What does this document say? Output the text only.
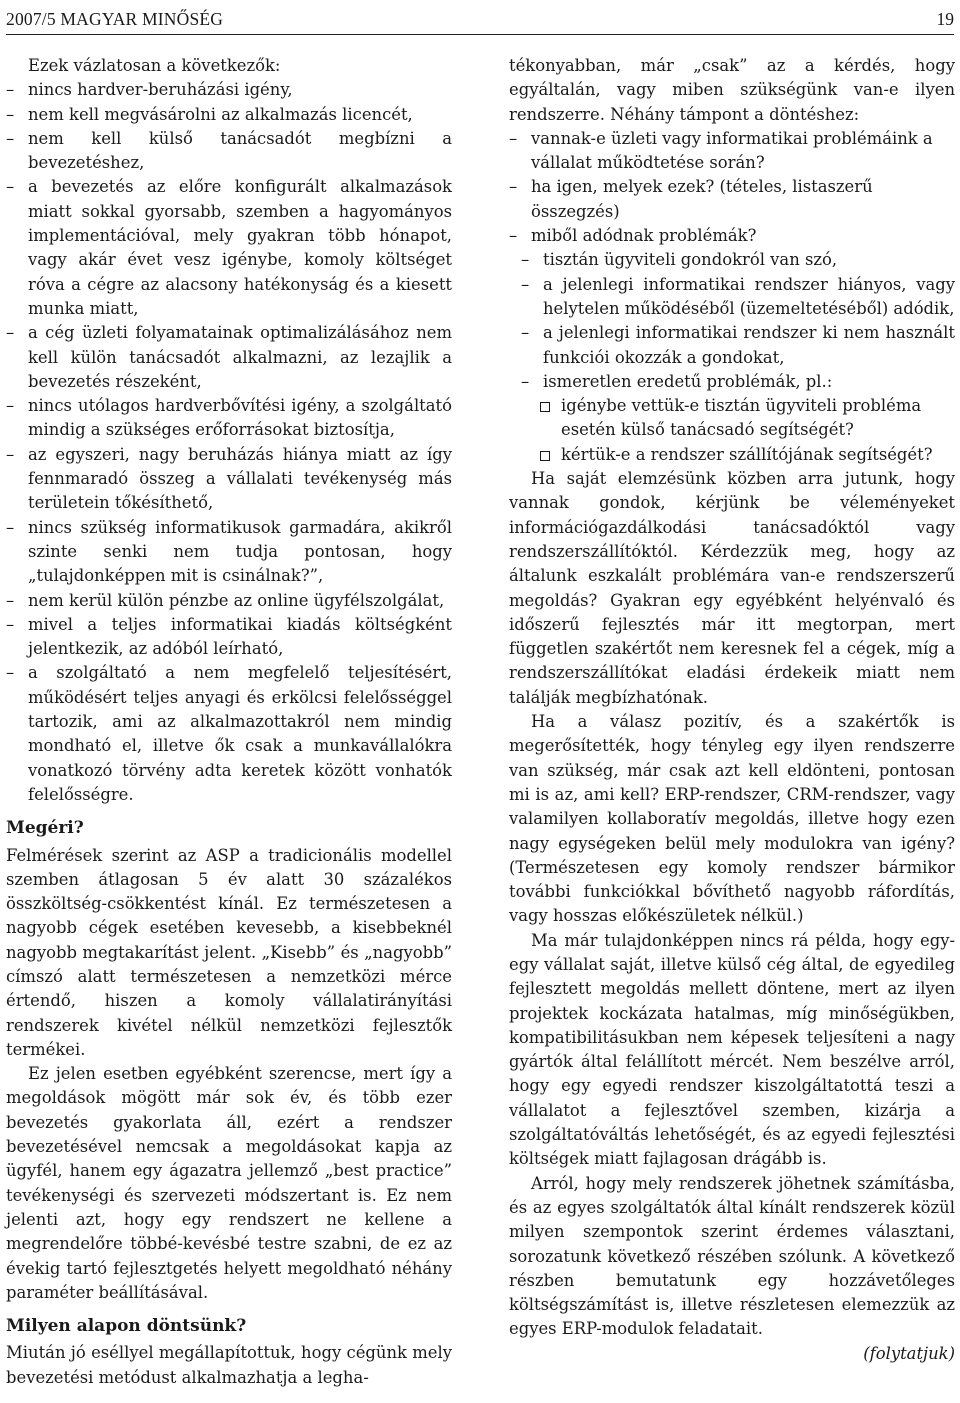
2007/5 MAGYAR MINŐSÉG	19

Ezek vázlatosan a következők:

– nincs hardver-beruházási igény,
– nem kell megvásárolni az alkalmazás licencét,
– nem kell külső tanácsadót megbízni a bevezetéshez,
– a bevezetés az előre konfigurált alkalmazások miatt sokkal gyorsabb, szemben a hagyományos implementációval, mely gyakran több hónapot, vagy akár évet vesz igénybe, komoly költséget róva a cégre az alacsony hatékonyság és a kiesett munka miatt,
– a cég üzleti folyamatainak optimalizálásához nem kell külön tanácsadót alkalmazni, az lezajlik a bevezetés részeként,
– nincs utólagos hardverbővítési igény, a szolgáltató mindig a szükséges erőforrásokat biztosítja,
– az egyszeri, nagy beruházás hiánya miatt az így fennmaradó összeg a vállalati tevékenység más területein tőkésíthető,
– nincs szükség informatikusok garmadára, akikről szinte senki nem tudja pontosan, hogy „tulajdonképpen mit is csinálnak?”,
– nem kerül külön pénzbe az online ügyfélszolgálat,
– mivel a teljes informatikai kiadás költségként jelentkezik, az adóból leírható,
– a szolgáltató a nem megfelelő teljesítésért, működésért teljes anyagi és erkölcsi felelősséggel tartozik, ami az alkalmazottakról nem mindig mondható el, illetve ők csak a munkavállalókra vonatkozó törvény adta keretek között vonhatók felelősségre.
Megéri?

Felmérések szerint az ASP a tradicionális modellel szemben átlagosan 5 év alatt 30 százalékos összköltség-csökkentést kínál. Ez természetesen a nagyobb cégek esetében kevesebb, a kisebbeknél nagyobb megtakarítást jelent. „Kisebb” és „nagyobb” címszó alatt természetesen a nemzetközi mérce értendő, hiszen a komoly vállalatirányítási rendszerek kivétel nélkül nemzetközi fejlesztők termékei.

Ez jelen esetben egyébként szerencse, mert így a megoldások mögött már sok év, és több ezer bevezetés gyakorlata áll, ezért a rendszer bevezetésével nemcsak a megoldásokat kapja az ügyfél, hanem egy ágazatra jellemző „best practice” tevékenységi és szervezeti módszertant is. Ez nem jelenti azt, hogy egy rendszert ne kellene a megrendelőre többé-kevésbé testre szabni, de ez az évekig tartó fejlesztgetés helyett megoldható néhány paraméter beállításával.

Milyen alapon döntsünk?

Miután jó eséllyel megállapítottuk, hogy cégünk mely bevezetési metódust alkalmazhatja a legha-

tékonyabban, már „csak” az a kérdés, hogy egyáltalán, vagy miben szükségünk van-e ilyen rendszerre. Néhány támpont a döntéshez:

– vannak-e üzleti vagy informatikai problémáink a vállalat működtetése során?
– ha igen, melyek ezek? (tételes, listaszerű összegzés)
– miből adódnak problémák?
– tisztán ügyviteli gondokról van szó,
– a jelenlegi informatikai rendszer hiányos, vagy helytelen működéséből (üzemeltetéséből) adódik,
– a jelenlegi informatikai rendszer ki nem használt funkciói okozzák a gondokat,
– ismeretlen eredetű problémák, pl.:
igénybe vettük-e tisztán ügyviteli probléma esetén külső tanácsadó segítségét?
kértük-e a rendszer szállítójának segítségét?

Ha saját elemzésünk közben arra jutunk, hogy vannak gondok, kérjünk be véleményeket információgazdálkodási tanácsadóktól vagy rendszerszállítóktól. Kérdezzük meg, hogy az általunk eszkalált problémára van-e rendszerszerű megoldás? Gyakran egy egyébként helyénvaló és időszerű fejlesztés már itt megtorpan, mert független szakértőt nem keresnek fel a cégek, míg a rendszerszállítókat eladási érdekeik miatt nem találják megbízhatónak.

Ha a válasz pozitív, és a szakértők is megerősítették, hogy tényleg egy ilyen rendszerre van szükség, már csak azt kell eldönteni, pontosan mi is az, ami kell? ERP-rendszer, CRM-rendszer, vagy valamilyen kollaboratív megoldás, illetve hogy ezen nagy egységeken belül mely modulokra van igény? (Természetesen egy komoly rendszer bármikor további funkciókkal bővíthető nagyobb ráfordítás, vagy hosszas előkészületek nélkül.)

Ma már tulajdonképpen nincs rá példa, hogy egy-egy vállalat saját, illetve külső cég által, de egyedileg fejlesztett megoldás mellett döntene, mert az ilyen projektek kockázata hatalmas, míg minőségükben, kompatibilitásukban nem képesek teljesíteni a nagy gyártók által felállított mércét. Nem beszélve arról, hogy egy egyedi rendszer kiszolgáltatottá teszi a vállalatot a fejlesztővel szemben, kizárja a szolgáltatóváltás lehetőségét, és az egyedi fejlesztési költségek miatt fajlagosan drágább is.

Arról, hogy mely rendszerek jöhetnek számításba, és az egyes szolgáltatók által kínált rendszerek közül milyen szempontok szerint érdemes választani, sorozatunk következő részében szólunk. A következő részben bemutatunk egy hozzávetőleges költségszámítást is, illetve részletesen elemezzük az egyes ERP-modulok feladatait.

(folytatjuk)
